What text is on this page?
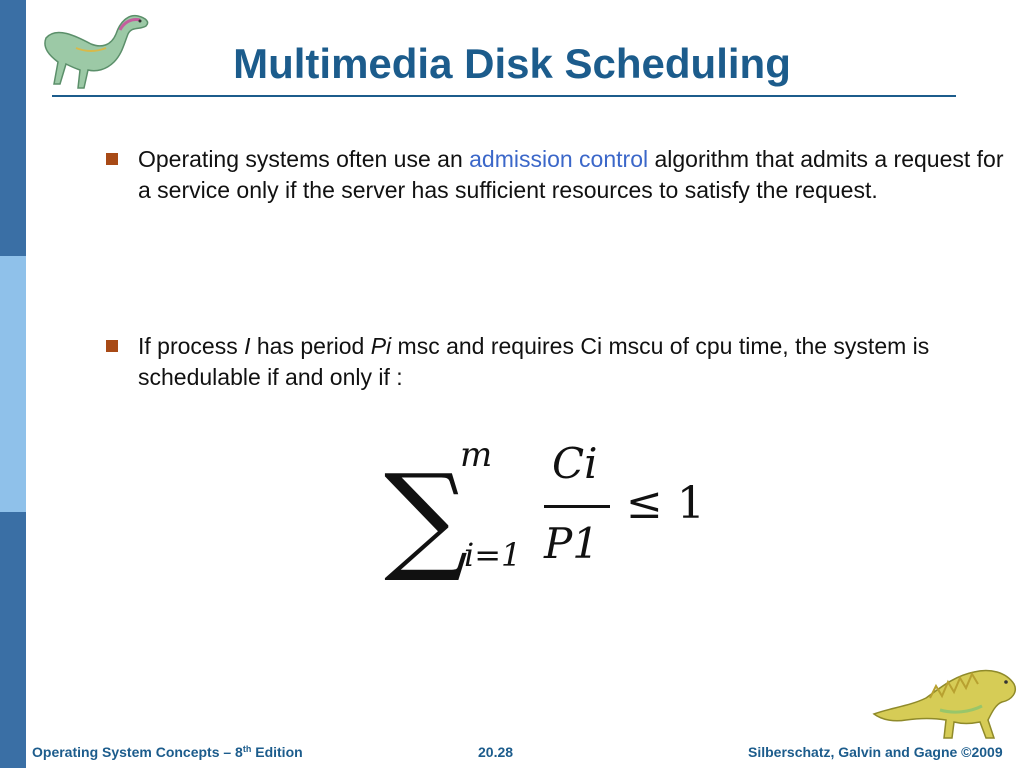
Multimedia Disk Scheduling
Operating systems often use an admission control algorithm that admits a request for a service only if the server has sufficient resources to satisfy the request.
If process I has period Pi msc and requires Ci mscu of cpu time, the system is schedulable if and only if :
∑
m
i=1
Ci
P1
≤ 1
Operating System Concepts – 8th Edition	20.28	Silberschatz, Galvin and Gagne ©2009
